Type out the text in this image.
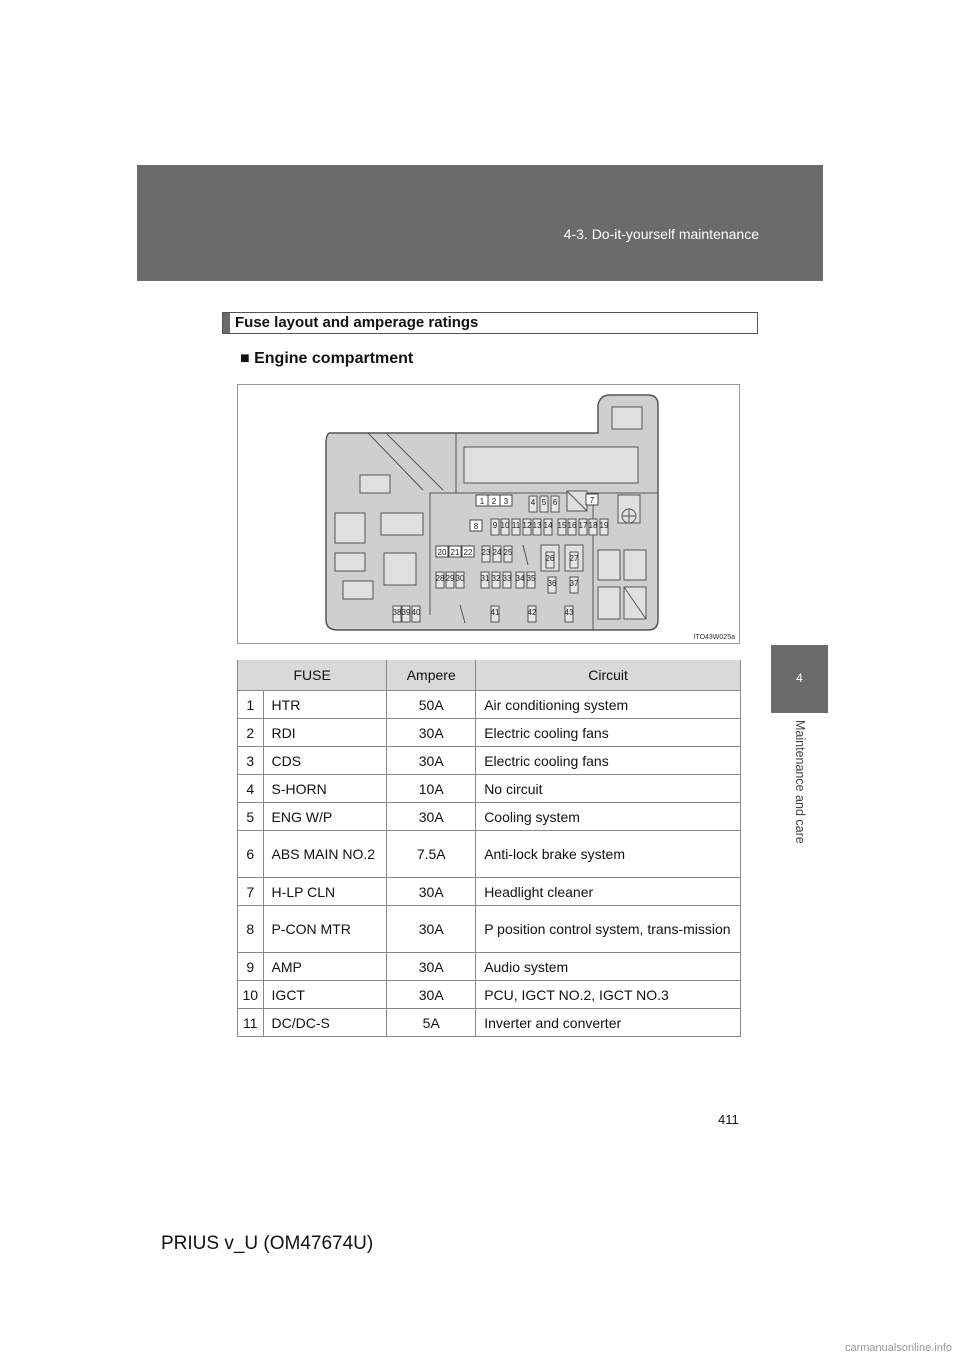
4-3. Do-it-yourself maintenance
4
Maintenance and care
Fuse layout and amperage ratings
■ Engine compartment
1 2 3	4 5 6	7
8 9 10 11 12 13 14 15 16 17 18 19
20 21 22 23 24 25
26 27
28 29 30 31 32 33 34 35
36 37
38 39 40	41	42	43
ITO43W025a
FUSE		Ampere	Circuit
1	HTR	50A	Air conditioning system
2	RDI	30A	Electric cooling fans
3	CDS	30A	Electric cooling fans
4	S-HORN	10A	No circuit
5	ENG W/P	30A	Cooling system
6	ABS MAIN NO.2	7.5A	Anti-lock brake system
7	H-LP CLN	30A	Headlight cleaner
8	P-CON MTR	30A	P position control system, trans-mission
9	AMP	30A	Audio system
10	IGCT	30A	PCU, IGCT NO.2, IGCT NO.3
11	DC/DC-S	5A	Inverter and converter
411
PRIUS v_U (OM47674U)
carmanualsonline.info
